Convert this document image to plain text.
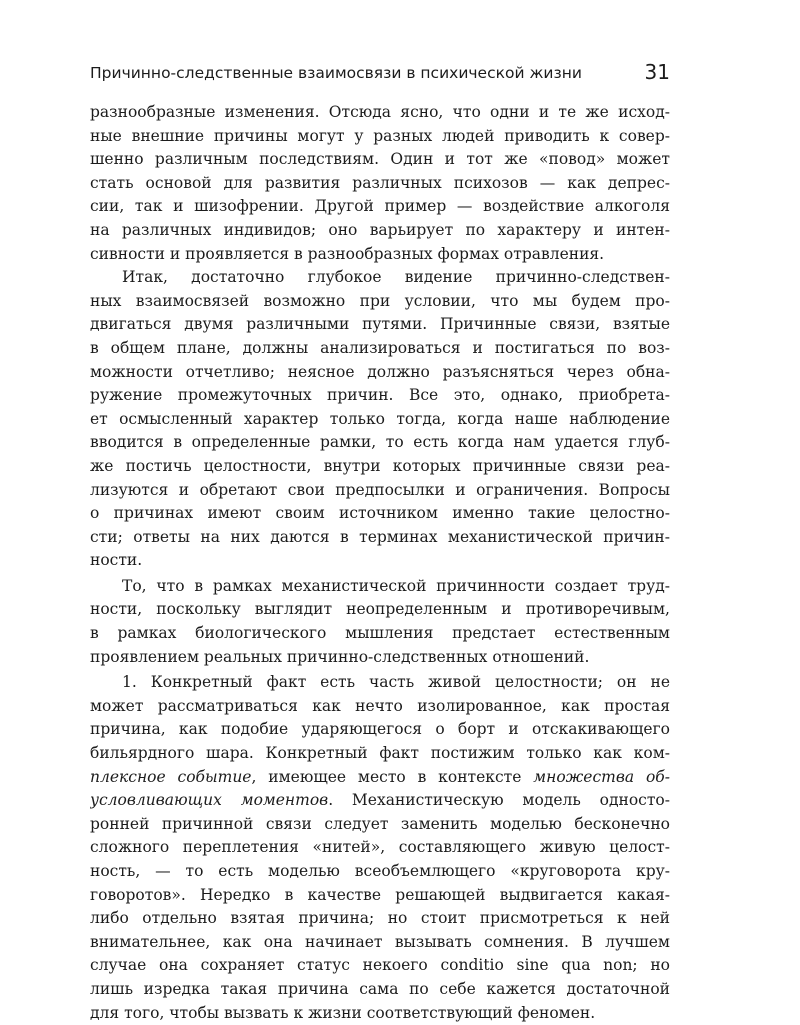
Причинно-следственные взаимосвязи в психической жизни	31
разнообразные изменения. Отсюда ясно, что одни и те же исход-
ные внешние причины могут у разных людей приводить к совер-
шенно различным последствиям. Один и тот же «повод» может
стать основой для развития различных психозов — как депрес-
сии, так и шизофрении. Другой пример — воздействие алкоголя
на различных индивидов; оно варьирует по характеру и интен-
сивности и проявляется в разнообразных формах отравления.
Итак, достаточно глубокое видение причинно-следствен-
ных взаимосвязей возможно при условии, что мы будем про-
двигаться двумя различными путями. Причинные связи, взятые
в общем плане, должны анализироваться и постигаться по воз-
можности отчетливо; неясное должно разъясняться через обна-
ружение промежуточных причин. Все это, однако, приобрета-
ет осмысленный характер только тогда, когда наше наблюдение
вводится в определенные рамки, то есть когда нам удается глуб-
же постичь целостности, внутри которых причинные связи реа-
лизуются и обретают свои предпосылки и ограничения. Вопросы
о причинах имеют своим источником именно такие целостно-
сти; ответы на них даются в терминах механистической причин-
ности.
То, что в рамках механистической причинности создает труд-
ности, поскольку выглядит неопределенным и противоречивым,
в рамках биологического мышления предстает естественным
проявлением реальных причинно-следственных отношений.
1. Конкретный факт есть часть живой целостности; он не
может рассматриваться как нечто изолированное, как простая
причина, как подобие ударяющегося о борт и отскакивающего
бильярдного шара. Конкретный факт постижим только как ком-
плексное событие, имеющее место в контексте множества об-
условливающих моментов. Механистическую модель односто-
ронней причинной связи следует заменить моделью бесконечно
сложного переплетения «нитей», составляющего живую целост-
ность, — то есть моделью всеобъемлющего «круговорота кру-
говоротов». Нередко в качестве решающей выдвигается какая-
либо отдельно взятая причина; но стоит присмотреться к ней
внимательнее, как она начинает вызывать сомнения. В лучшем
случае она сохраняет статус некоего conditio sine qua non; но
лишь изредка такая причина сама по себе кажется достаточной
для того, чтобы вызвать к жизни соответствующий феномен.
